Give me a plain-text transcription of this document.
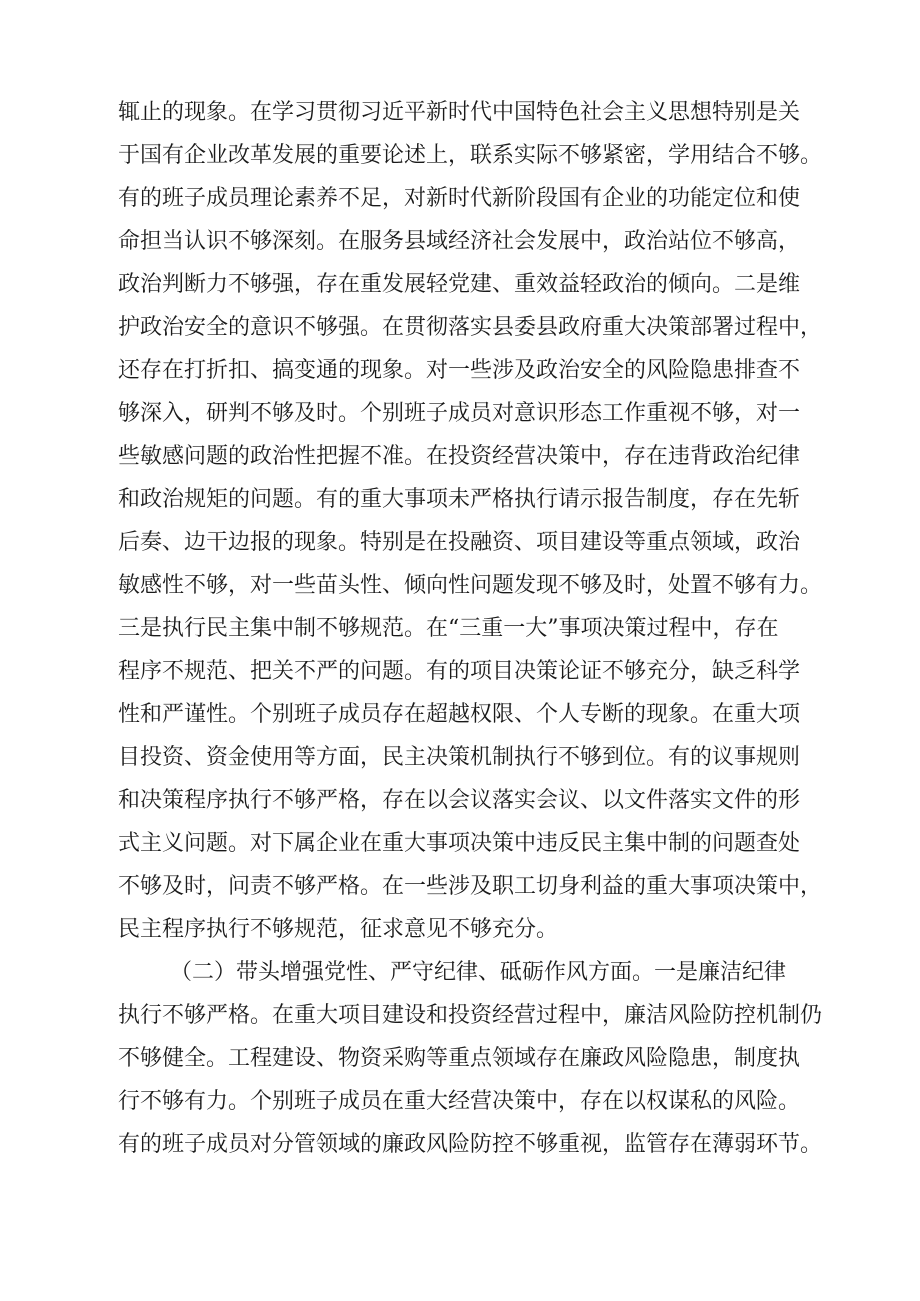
辄止的现象。在学习贯彻习近平新时代中国特色社会主义思想特别是关
于国有企业改革发展的重要论述上，联系实际不够紧密，学用结合不够。
有的班子成员理论素养不足，对新时代新阶段国有企业的功能定位和使
命担当认识不够深刻。在服务县域经济社会发展中，政治站位不够高，
政治判断力不够强，存在重发展轻党建、重效益轻政治的倾向。二是维
护政治安全的意识不够强。在贯彻落实县委县政府重大决策部署过程中，
还存在打折扣、搞变通的现象。对一些涉及政治安全的风险隐患排查不
够深入，研判不够及时。个别班子成员对意识形态工作重视不够，对一
些敏感问题的政治性把握不准。在投资经营决策中，存在违背政治纪律
和政治规矩的问题。有的重大事项未严格执行请示报告制度，存在先斩
后奏、边干边报的现象。特别是在投融资、项目建设等重点领域，政治
敏感性不够，对一些苗头性、倾向性问题发现不够及时，处置不够有力。
三是执行民主集中制不够规范。在“三重一大”事项决策过程中，存在
程序不规范、把关不严的问题。有的项目决策论证不够充分，缺乏科学
性和严谨性。个别班子成员存在超越权限、个人专断的现象。在重大项
目投资、资金使用等方面，民主决策机制执行不够到位。有的议事规则
和决策程序执行不够严格，存在以会议落实会议、以文件落实文件的形
式主义问题。对下属企业在重大事项决策中违反民主集中制的问题查处
不够及时，问责不够严格。在一些涉及职工切身利益的重大事项决策中，
民主程序执行不够规范，征求意见不够充分。
（二）带头增强党性、严守纪律、砥砺作风方面。一是廉洁纪律
执行不够严格。在重大项目建设和投资经营过程中，廉洁风险防控机制仍
不够健全。工程建设、物资采购等重点领域存在廉政风险隐患，制度执
行不够有力。个别班子成员在重大经营决策中，存在以权谋私的风险。
有的班子成员对分管领域的廉政风险防控不够重视，监管存在薄弱环节。
